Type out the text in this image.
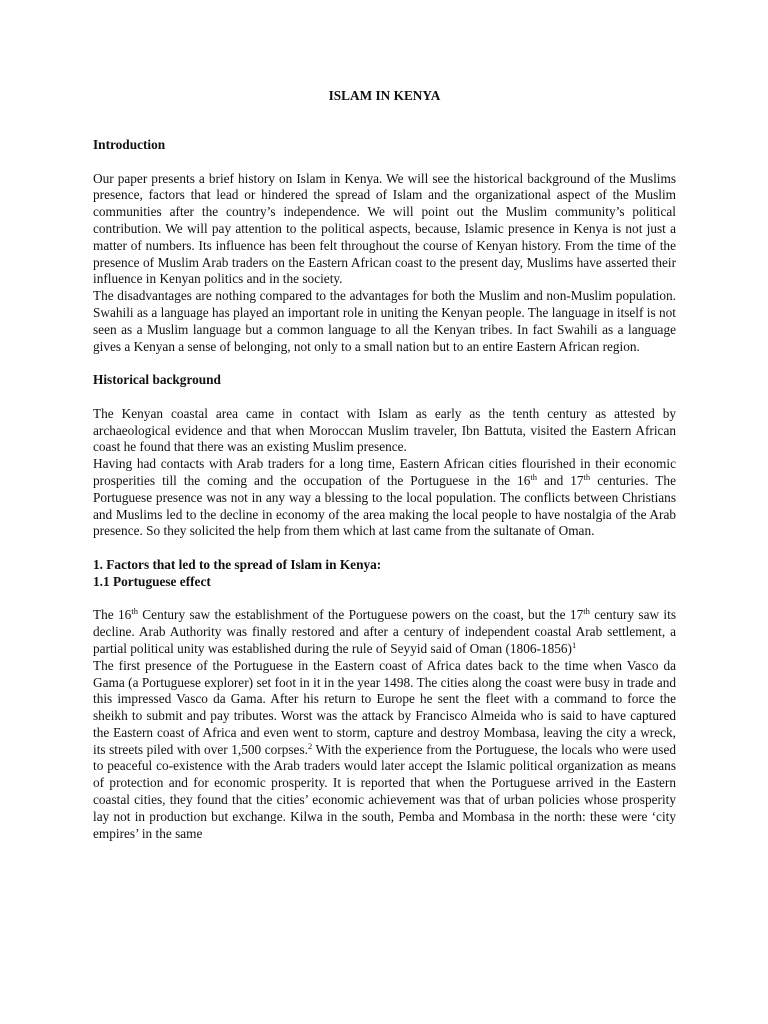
ISLAM IN KENYA
Introduction

Our paper presents a brief history on Islam in Kenya. We will see the historical background of the Muslims presence, factors that lead or hindered the spread of Islam and the organizational aspect of the Muslim communities after the country’s independence. We will point out the Muslim community’s political contribution. We will pay attention to the political aspects, because, Islamic presence in Kenya is not just a matter of numbers. Its influence has been felt throughout the course of Kenyan history. From the time of the presence of Muslim Arab traders on the Eastern African coast to the present day, Muslims have asserted their influence in Kenyan politics and in the society.

The disadvantages are nothing compared to the advantages for both the Muslim and non-Muslim population. Swahili as a language has played an important role in uniting the Kenyan people. The language in itself is not seen as a Muslim language but a common language to all the Kenyan tribes. In fact Swahili as a language gives a Kenyan a sense of belonging, not only to a small nation but to an entire Eastern African region.

Historical background

The Kenyan coastal area came in contact with Islam as early as the tenth century as attested by archaeological evidence and that when Moroccan Muslim traveler, Ibn Battuta, visited the Eastern African coast he found that there was an existing Muslim presence.

Having had contacts with Arab traders for a long time, Eastern African cities flourished in their economic prosperities till the coming and the occupation of the Portuguese in the 16th and 17th centuries. The Portuguese presence was not in any way a blessing to the local population. The conflicts between Christians and Muslims led to the decline in economy of the area making the local people to have nostalgia of the Arab presence. So they solicited the help from them which at last came from the sultanate of Oman.

1. Factors that led to the spread of Islam in Kenya:
1.1 Portuguese effect

The 16th Century saw the establishment of the Portuguese powers on the coast, but the 17th century saw its decline. Arab Authority was finally restored and after a century of independent coastal Arab settlement, a partial political unity was established during the rule of Seyyid said of Oman (1806-1856)$^1$

The first presence of the Portuguese in the Eastern coast of Africa dates back to the time when Vasco da Gama (a Portuguese explorer) set foot in it in the year 1498. The cities along the coast were busy in trade and this impressed Vasco da Gama. After his return to Europe he sent the fleet with a command to force the sheikh to submit and pay tributes. Worst was the attack by Francisco Almeida who is said to have captured the Eastern coast of Africa and even went to storm, capture and destroy Mombasa, leaving the city a wreck, its streets piled with over 1,500 corpses.$^2$ With the experience from the Portuguese, the locals who were used to peaceful co-existence with the Arab traders would later accept the Islamic political organization as means of protection and for economic prosperity. It is reported that when the Portuguese arrived in the Eastern coastal cities, they found that the cities’ economic achievement was that of urban policies whose prosperity lay not in production but exchange. Kilwa in the south, Pemba and Mombasa in the north: these were ‘city empires’ in the same
